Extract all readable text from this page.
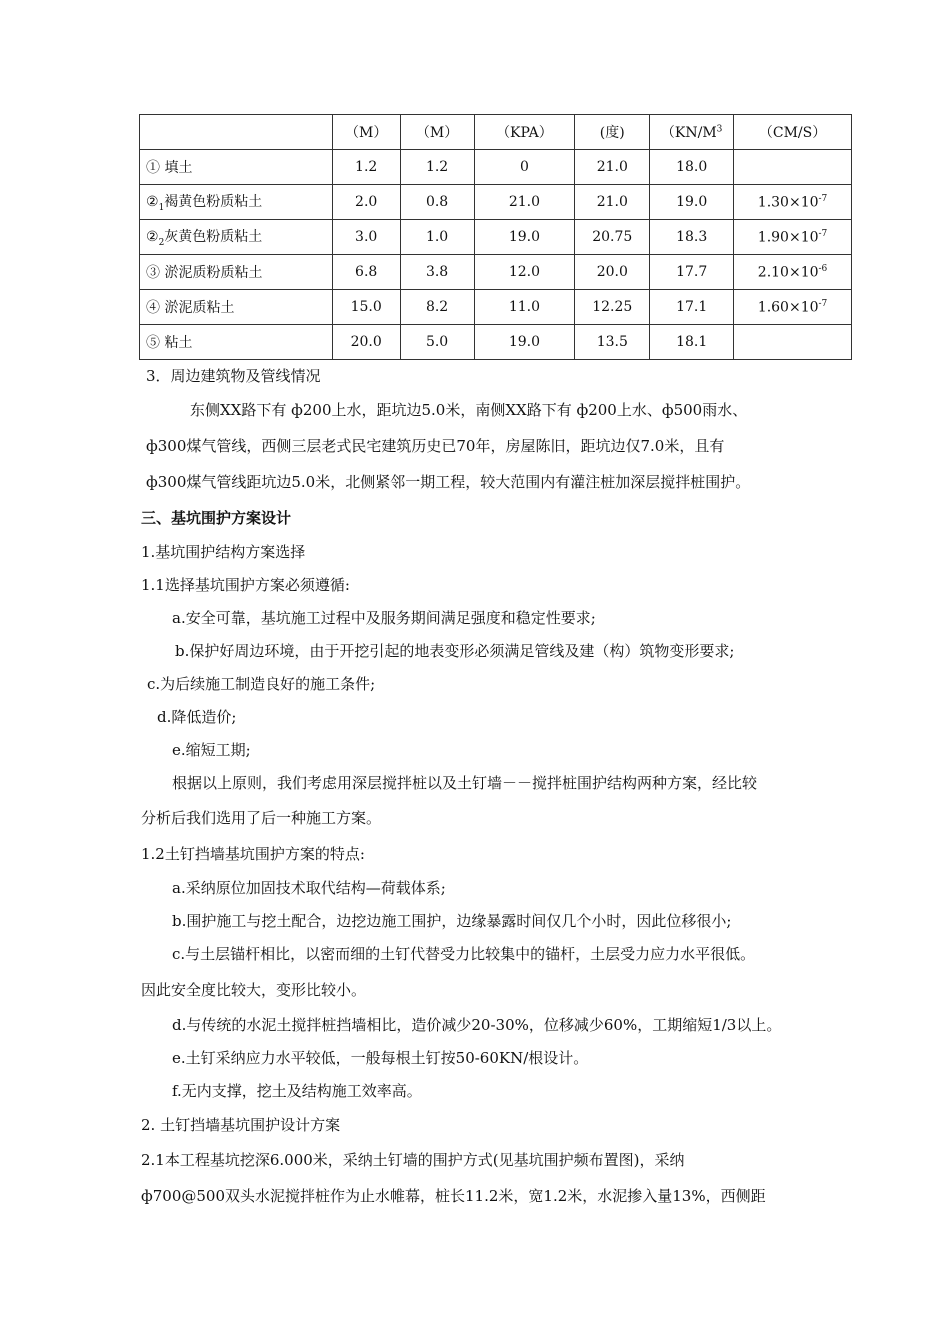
	（M）	（M）	（KPA）	(度)	（$KN/M^3$	（CM/S）
① 填土	1.2	1.2	0	21.0	18.0	
$②_1$褐黄色粉质粘土	2.0	0.8	21.0	21.0	19.0	$1.30\times 10^{-7}$
$②_2$灰黄色粉质粘土	3.0	1.0	19.0	20.75	18.3	$1.90\times 10^{-7}$
③ 淤泥质粉质粘土	6.8	3.8	12.0	20.0	17.7	$2.10\times 10^{-6}$
④ 淤泥质粘土	15.0	8.2	11.0	12.25	17.1	$1.60\times 10^{-7}$
⑤ 粘土	20.0	5.0	19.0	13.5	18.1	
3．周边建筑物及管线情况
东侧XX路下有 ф200上水，距坑边5.0米，南侧XX路下有 ф200上水、ф500雨水、
ф300煤气管线，西侧三层老式民宅建筑历史已70年，房屋陈旧，距坑边仅7.0米，且有
ф300煤气管线距坑边5.0米，北侧紧邻一期工程，较大范围内有灌注桩加深层搅拌桩围护。
三、基坑围护方案设计
1.基坑围护结构方案选择
1.1选择基坑围护方案必须遵循:
a.安全可靠，基坑施工过程中及服务期间满足强度和稳定性要求;
b.保护好周边环境，由于开挖引起的地表变形必须满足管线及建（构）筑物变形要求;
c.为后续施工制造良好的施工条件;
d.降低造价;
e.缩短工期;
根据以上原则，我们考虑用深层搅拌桩以及土钉墙－－搅拌桩围护结构两种方案，经比较
分析后我们选用了后一种施工方案。
1.2土钉挡墙基坑围护方案的特点:
a.采纳原位加固技术取代结构—荷载体系;
b.围护施工与挖土配合，边挖边施工围护，边缘暴露时间仅几个小时，因此位移很小;
c.与土层锚杆相比，以密而细的土钉代替受力比较集中的锚杆，土层受力应力水平很低。
因此安全度比较大，变形比较小。
d.与传统的水泥土搅拌桩挡墙相比，造价减少20-30%，位移减少60%，工期缩短1/3以上。
e.土钉采纳应力水平较低，一般每根土钉按50-60KN/根设计。
f.无内支撑，挖土及结构施工效率高。
2. 土钉挡墙基坑围护设计方案
2.1本工程基坑挖深6.000米，采纳土钉墙的围护方式(见基坑围护频布置图)，采纳
ф700@500双头水泥搅拌桩作为止水帷幕，桩长11.2米，宽1.2米，水泥掺入量13%，西侧距
